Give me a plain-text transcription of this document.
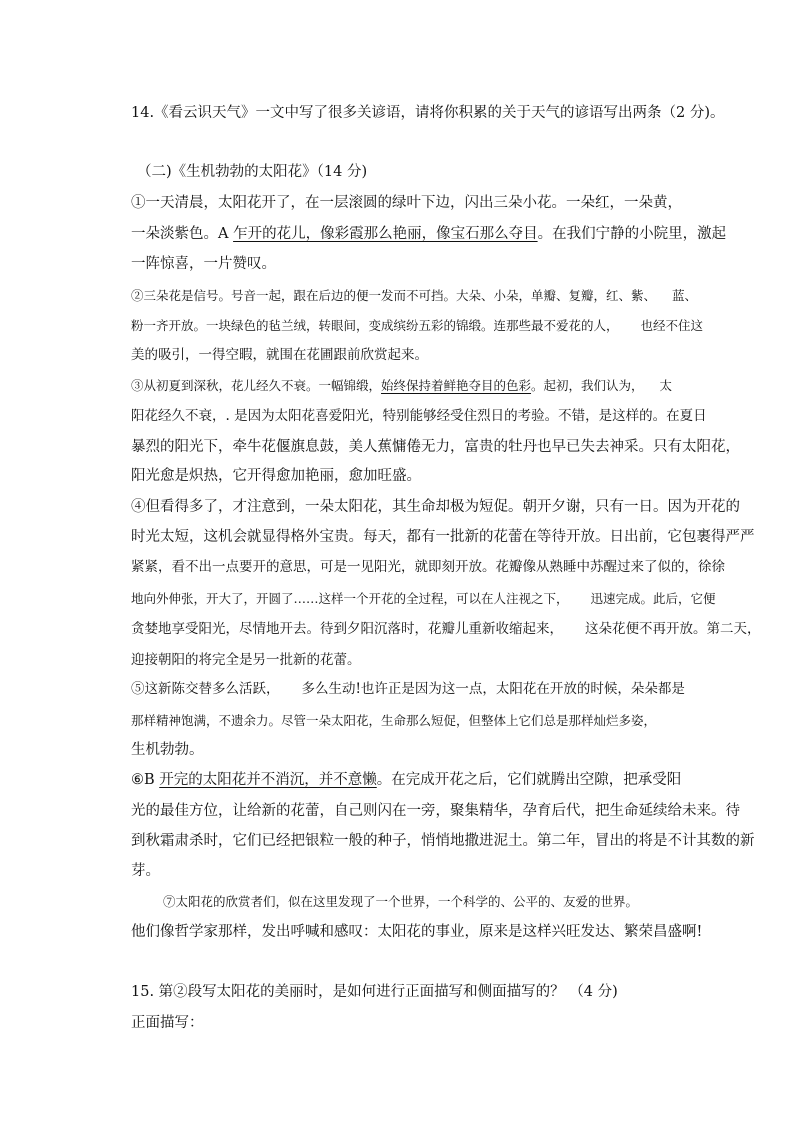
14.《看云识天气》一文中写了很多关谚语，请将你积累的关于天气的谚语写出两条（2 分)。
（二)《生机勃勃的太阳花》（14 分)
①一天清晨，太阳花开了，在一层滚圆的绿叶下边，闪出三朵小花。一朵红，一朵黄，
一朵淡紫色。A 乍开的花儿，像彩霞那么艳丽，像宝石那么夺目。在我们宁静的小院里，激起
一阵惊喜，一片赞叹。
②三朵花是信号。号音一起，跟在后边的便一发而不可挡。大朵、小朵，单瓣、复瓣，红、紫、 蓝、
粉一齐开放。一块绿色的毡兰绒，转眼间，变成缤纷五彩的锦缎。连那些最不爱花的人， 也经不住这
美的吸引，一得空暇，就围在花圃跟前欣赏起来。
③从初夏到深秋，花儿经久不衰。一幅锦缎，始终保持着鲜艳夺目的色彩。起初，我们认为， 太
阳花经久不衰，. 是因为太阳花喜爱阳光，特别能够经受住烈日的考验。不错，是这样的。在夏日
暴烈的阳光下，牵牛花偃旗息鼓，美人蕉慵倦无力，富贵的牡丹也早已失去神采。只有太阳花，
阳光愈是炽热，它开得愈加艳丽，愈加旺盛。
④但看得多了，才注意到，一朵太阳花，其生命却极为短促。朝开夕谢，只有一日。因为开花的
时光太短，这机会就显得格外宝贵。每天，都有一批新的花蕾在等待开放。日出前，它包裹得严严
紧紧，看不出一点要开的意思，可是一见阳光，就即刻开放。花瓣像从熟睡中苏醒过来了似的，徐徐
地向外伸张，开大了，开圆了……这样一个开花的全过程，可以在人注视之下， 迅速完成。此后，它便
贪婪地享受阳光，尽情地开去。待到夕阳沉落时，花瓣儿重新收缩起来， 这朵花便不再开放。第二天，
迎接朝阳的将完全是另一批新的花蕾。
⑤这新陈交替多么活跃， 多么生动!也许正是因为这一点，太阳花在开放的时候，朵朵都是
那样精神饱满，不遗余力。尽管一朵太阳花，生命那么短促，但整体上它们总是那样灿烂多姿，
生机勃勃。
⑥B 开完的太阳花并不消沉，并不意懒。在完成开花之后，它们就腾出空隙，把承受阳
光的最佳方位，让给新的花蕾，自己则闪在一旁，聚集精华，孕育后代，把生命延续给未来。待
到秋霜肃杀时，它们已经把银粒一般的种子，悄悄地撒进泥土。第二年，冒出的将是不计其数的新
芽。
⑦太阳花的欣赏者们，似在这里发现了一个世界，一个科学的、公平的、友爱的世界。
他们像哲学家那样，发出呼喊和感叹：太阳花的事业，原来是这样兴旺发达、繁荣昌盛啊!
15. 第②段写太阳花的美丽时，是如何进行正面描写和侧面描写的？ （4 分)
正面描写：
